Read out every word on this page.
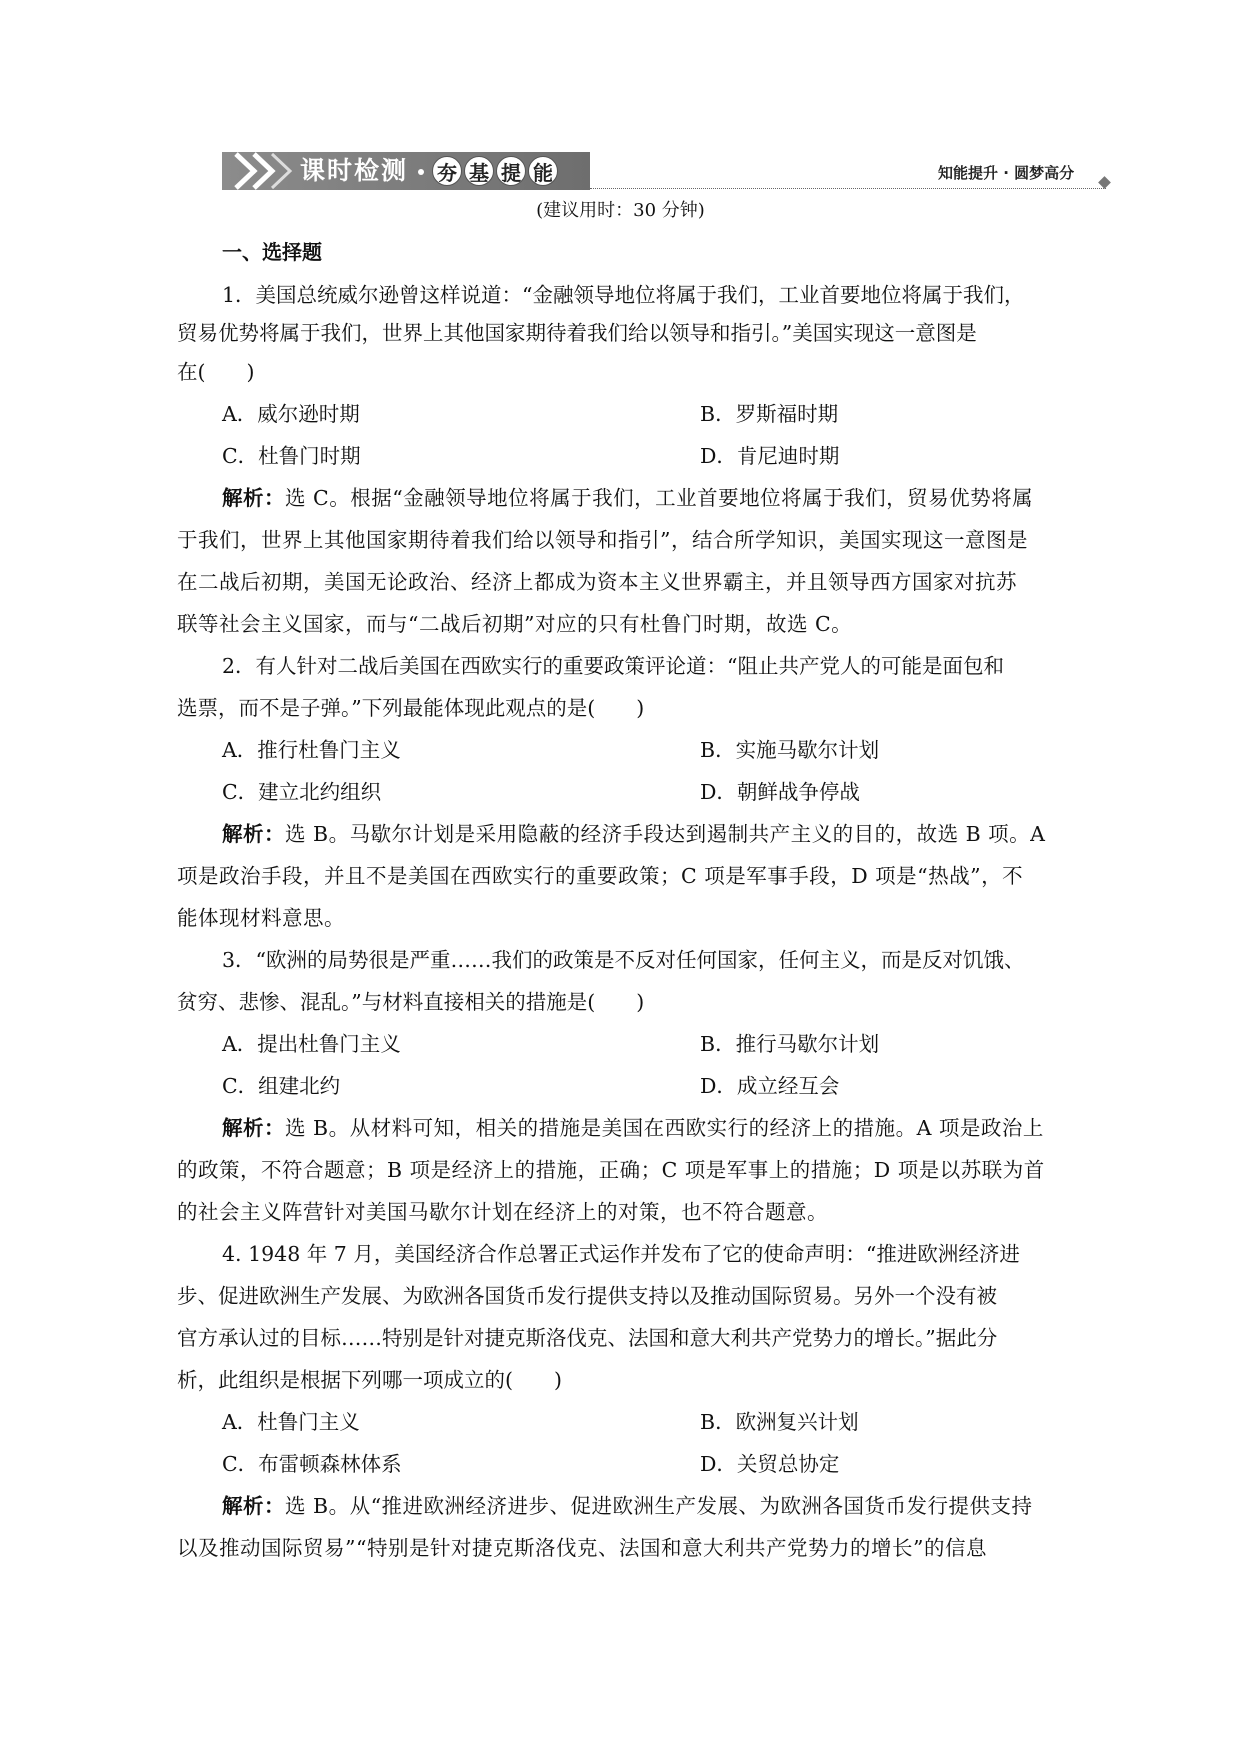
课时检测 夯 基 提 能	知能提升 · 圆梦高分
(建议用时：30 分钟)
一、选择题
1．美国总统威尔逊曾这样说道：“金融领导地位将属于我们，工业首要地位将属于我们，
贸易优势将属于我们，世界上其他国家期待着我们给以领导和指引。”美国实现这一意图是
在(　　)
A．威尔逊时期	B．罗斯福时期
C．杜鲁门时期	D．肯尼迪时期
解析：选 C。根据“金融领导地位将属于我们，工业首要地位将属于我们，贸易优势将属
于我们，世界上其他国家期待着我们给以领导和指引”，结合所学知识，美国实现这一意图是
在二战后初期，美国无论政治、经济上都成为资本主义世界霸主，并且领导西方国家对抗苏
联等社会主义国家，而与“二战后初期”对应的只有杜鲁门时期，故选 C。
2．有人针对二战后美国在西欧实行的重要政策评论道：“阻止共产党人的可能是面包和
选票，而不是子弹。”下列最能体现此观点的是(　　)
A．推行杜鲁门主义	B．实施马歇尔计划
C．建立北约组织	D．朝鲜战争停战
解析：选 B。马歇尔计划是采用隐蔽的经济手段达到遏制共产主义的目的，故选 B 项。A
项是政治手段，并且不是美国在西欧实行的重要政策；C 项是军事手段，D 项是“热战”，不
能体现材料意思。
3．“欧洲的局势很是严重……我们的政策是不反对任何国家，任何主义，而是反对饥饿、
贫穷、悲惨、混乱。”与材料直接相关的措施是(　　)
A．提出杜鲁门主义	B．推行马歇尔计划
C．组建北约	D．成立经互会
解析：选 B。从材料可知，相关的措施是美国在西欧实行的经济上的措施。A 项是政治上
的政策，不符合题意；B 项是经济上的措施，正确；C 项是军事上的措施；D 项是以苏联为首
的社会主义阵营针对美国马歇尔计划在经济上的对策，也不符合题意。
4. 1948 年 7 月，美国经济合作总署正式运作并发布了它的使命声明：“推进欧洲经济进
步、促进欧洲生产发展、为欧洲各国货币发行提供支持以及推动国际贸易。另外一个没有被
官方承认过的目标……特别是针对捷克斯洛伐克、法国和意大利共产党势力的增长。”据此分
析，此组织是根据下列哪一项成立的(　　)
A．杜鲁门主义	B．欧洲复兴计划
C．布雷顿森林体系	D．关贸总协定
解析：选 B。从“推进欧洲经济进步、促进欧洲生产发展、为欧洲各国货币发行提供支持
以及推动国际贸易”“特别是针对捷克斯洛伐克、法国和意大利共产党势力的增长”的信息
